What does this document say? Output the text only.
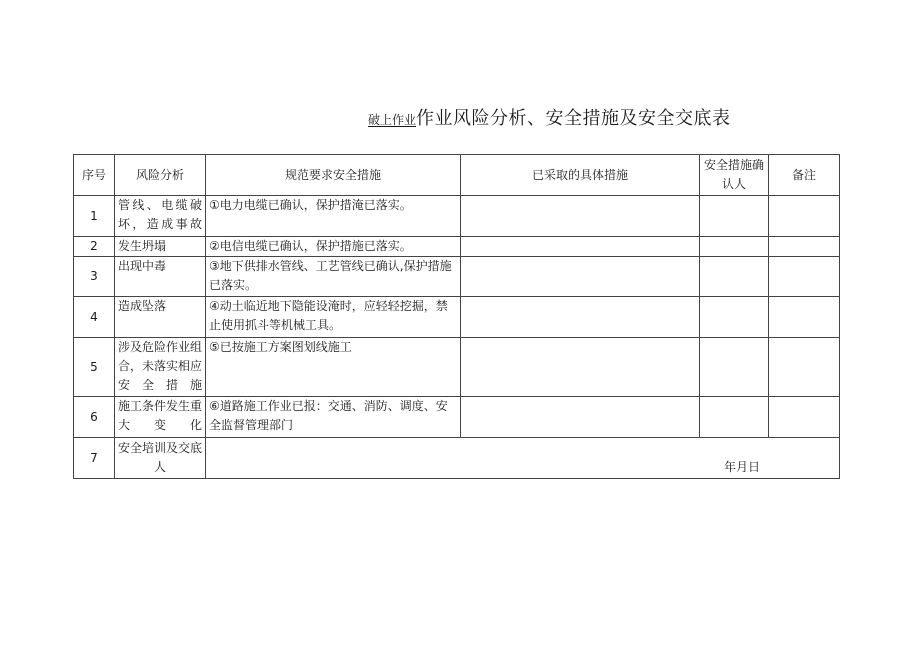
破上作业作业风险分析、安全措施及安全交底表
序号	风险分析	规范要求安全措施	已采取的具体措施	安全措施确认人	备注
1	管线、电缆破坏，造成事故	①电力电缆已确认，保护措淹已落实。			
2	发生坍塌	②电信电缆已确认，保护措施已落实。			
3	出现中毒	③地下供排水管线、工艺管线已确认,保护措施已落实。			
4	造成坠落	④动土临近地下隐能设淹时，应轻轻挖掘，禁止使用抓斗等机械工具。			
5	涉及危险作业组合，未落实相应安全措施	⑤已按施工方案图划线施工			
6	施工条件发生重大变化	⑥道路施工作业已报：交通、消防、调度、安全监督管理部门			
7	安全培训及交底人	年月日			
